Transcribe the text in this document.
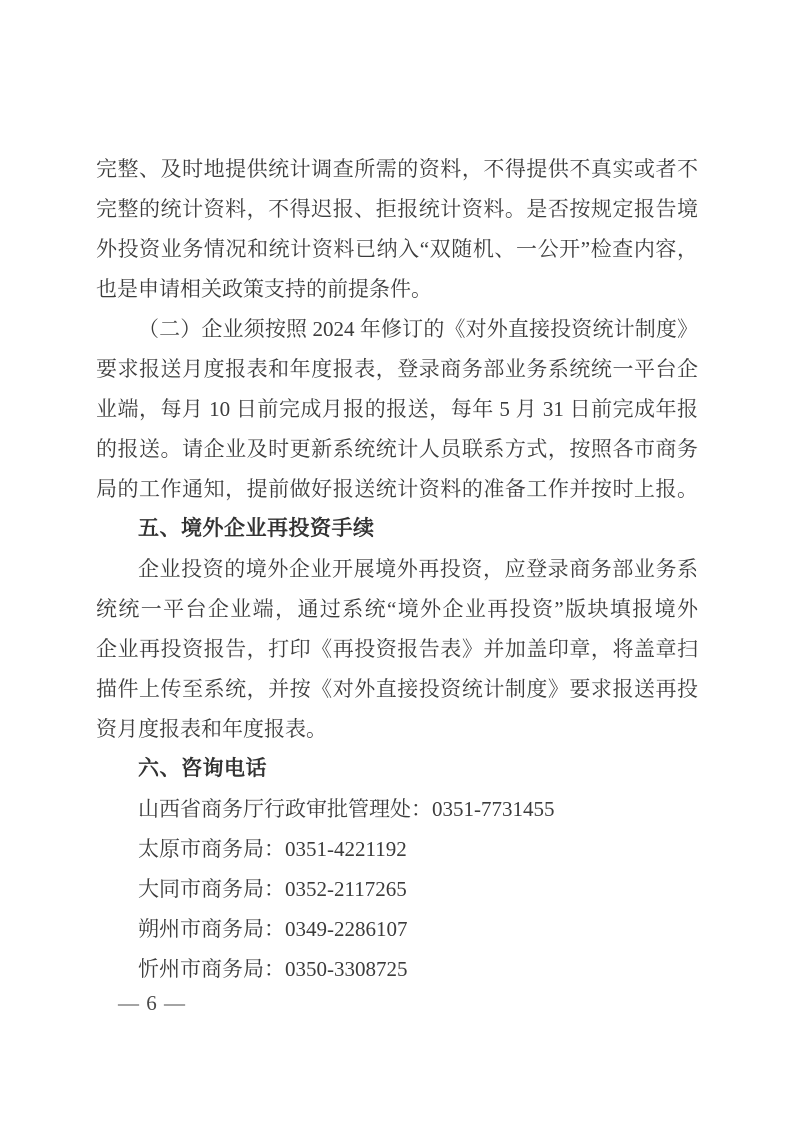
完整、及时地提供统计调查所需的资料，不得提供不真实或者不
完整的统计资料，不得迟报、拒报统计资料。是否按规定报告境
外投资业务情况和统计资料已纳入“双随机、一公开”检查内容，
也是申请相关政策支持的前提条件。
（二）企业须按照 2024 年修订的《对外直接投资统计制度》
要求报送月度报表和年度报表，登录商务部业务系统统一平台企
业端，每月 10 日前完成月报的报送，每年 5 月 31 日前完成年报
的报送。请企业及时更新系统统计人员联系方式，按照各市商务
局的工作通知，提前做好报送统计资料的准备工作并按时上报。
五、境外企业再投资手续
企业投资的境外企业开展境外再投资，应登录商务部业务系
统统一平台企业端，通过系统“境外企业再投资”版块填报境外
企业再投资报告，打印《再投资报告表》并加盖印章，将盖章扫
描件上传至系统，并按《对外直接投资统计制度》要求报送再投
资月度报表和年度报表。
六、咨询电话
山西省商务厅行政审批管理处：0351-7731455
太原市商务局：0351-4221192
大同市商务局：0352-2117265
朔州市商务局：0349-2286107
忻州市商务局：0350-3308725
— 6 —
